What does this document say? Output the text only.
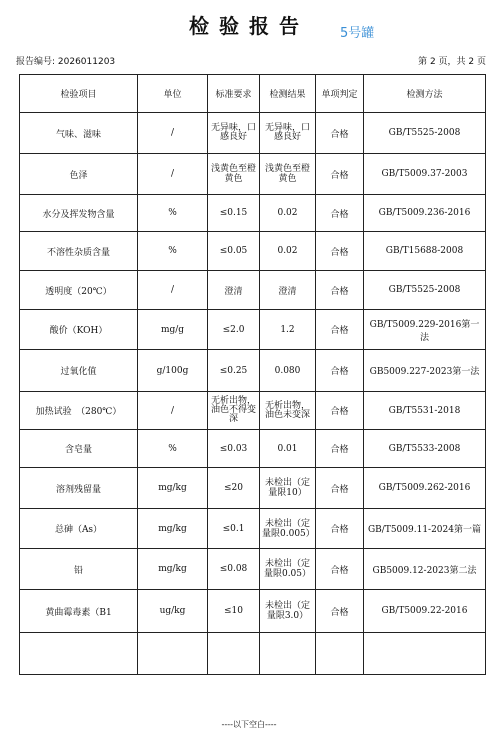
检验报告	5号罐
报告编号: 2026011203	第 2 页，共 2 页
检验项目	单位	标准要求	检测结果	单项判定	检测方法
气味、滋味	/	无异味，口感良好	无异味，口感良好	合格	GB/T5525-2008
色泽	/	浅黄色至橙黄色	浅黄色至橙黄色	合格	GB/T5009.37-2003
水分及挥发物含量	%	≤0.15	0.02	合格	GB/T5009.236-2016
不溶性杂质含量	%	≤0.05	0.02	合格	GB/T15688-2008
透明度（20℃）	/	澄清	澄清	合格	GB/T5525-2008
酸价（KOH）	mg/g	≤2.0	1.2	合格	GB/T5009.229-2016第一法
过氧化值	g/100g	≤0.25	0.080	合格	GB5009.227-2023第一法
加热试验　（280℃）	/	无析出物，油色不得变深	无析出物，油色未变深	合格	GB/T5531-2018
含皂量	%	≤0.03	0.01	合格	GB/T5533-2008
溶剂残留量	mg/kg	≤20	未检出（定量限10）	合格	GB/T5009.262-2016
总砷（As）	mg/kg	≤0.1	未检出（定量限0.005）	合格	GB/T5009.11-2024第一篇
铅	mg/kg	≤0.08	未检出（定量限0.05）	合格	GB5009.12-2023第二法
黄曲霉毒素（B1	ug/kg	≤10	未检出（定量限3.0）	合格	GB/T5009.22-2016

----以下空白----
